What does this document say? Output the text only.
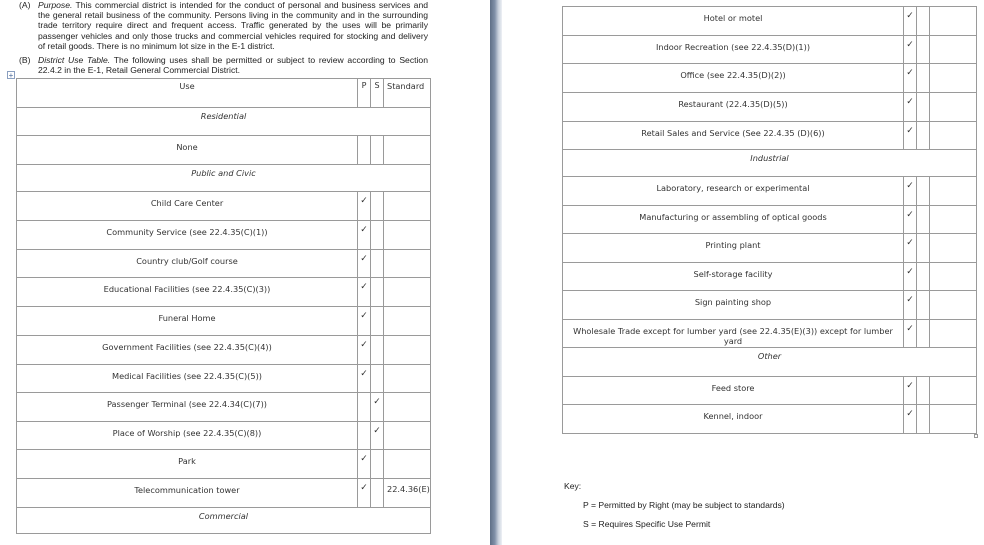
(A) Purpose. This commercial district is intended for the conduct of personal and business services and the general retail business of the community. Persons living in the community and in the surrounding trade territory require direct and frequent access. Traffic generated by the uses will be primarily passenger vehicles and only those trucks and commercial vehicles required for stocking and delivery of retail goods. There is no minimum lot size in the E-1 district.
(B) District Use Table. The following uses shall be permitted or subject to review according to Section 22.4.2 in the E-1, Retail General Commercial District.
+
Use	P	S	Standard
Residential			
None			
Public and Civic			
Child Care Center	✓		
Community Service (see 22.4.35(C)(1))	✓		
Country club/Golf course	✓		
Educational Facilities (see 22.4.35(C)(3))	✓		
Funeral Home	✓		
Government Facilities (see 22.4.35(C)(4))	✓		
Medical Facilities (see 22.4.35(C)(5))	✓		
Passenger Terminal (see 22.4.34(C)(7))		✓	
Place of Worship (see 22.4.35(C)(8))		✓	
Park	✓		
Telecommunication tower	✓		22.4.36(E)
Commercial			
Hotel or motel	✓		
Indoor Recreation (see 22.4.35(D)(1))	✓		
Office (see 22.4.35(D)(2))	✓		
Restaurant (22.4.35(D)(5))	✓		
Retail Sales and Service (See 22.4.35 (D)(6))	✓		
Industrial			
Laboratory, research or experimental	✓		
Manufacturing or assembling of optical goods	✓		
Printing plant	✓		
Self-storage facility	✓		
Sign painting shop	✓		
Wholesale Trade except for lumber yard (see 22.4.35(E)(3)) except for lumber yard	✓		
Other			
Feed store	✓		
Kennel, indoor	✓		
Key:
P = Permitted by Right (may be subject to standards)
S = Requires Specific Use Permit
